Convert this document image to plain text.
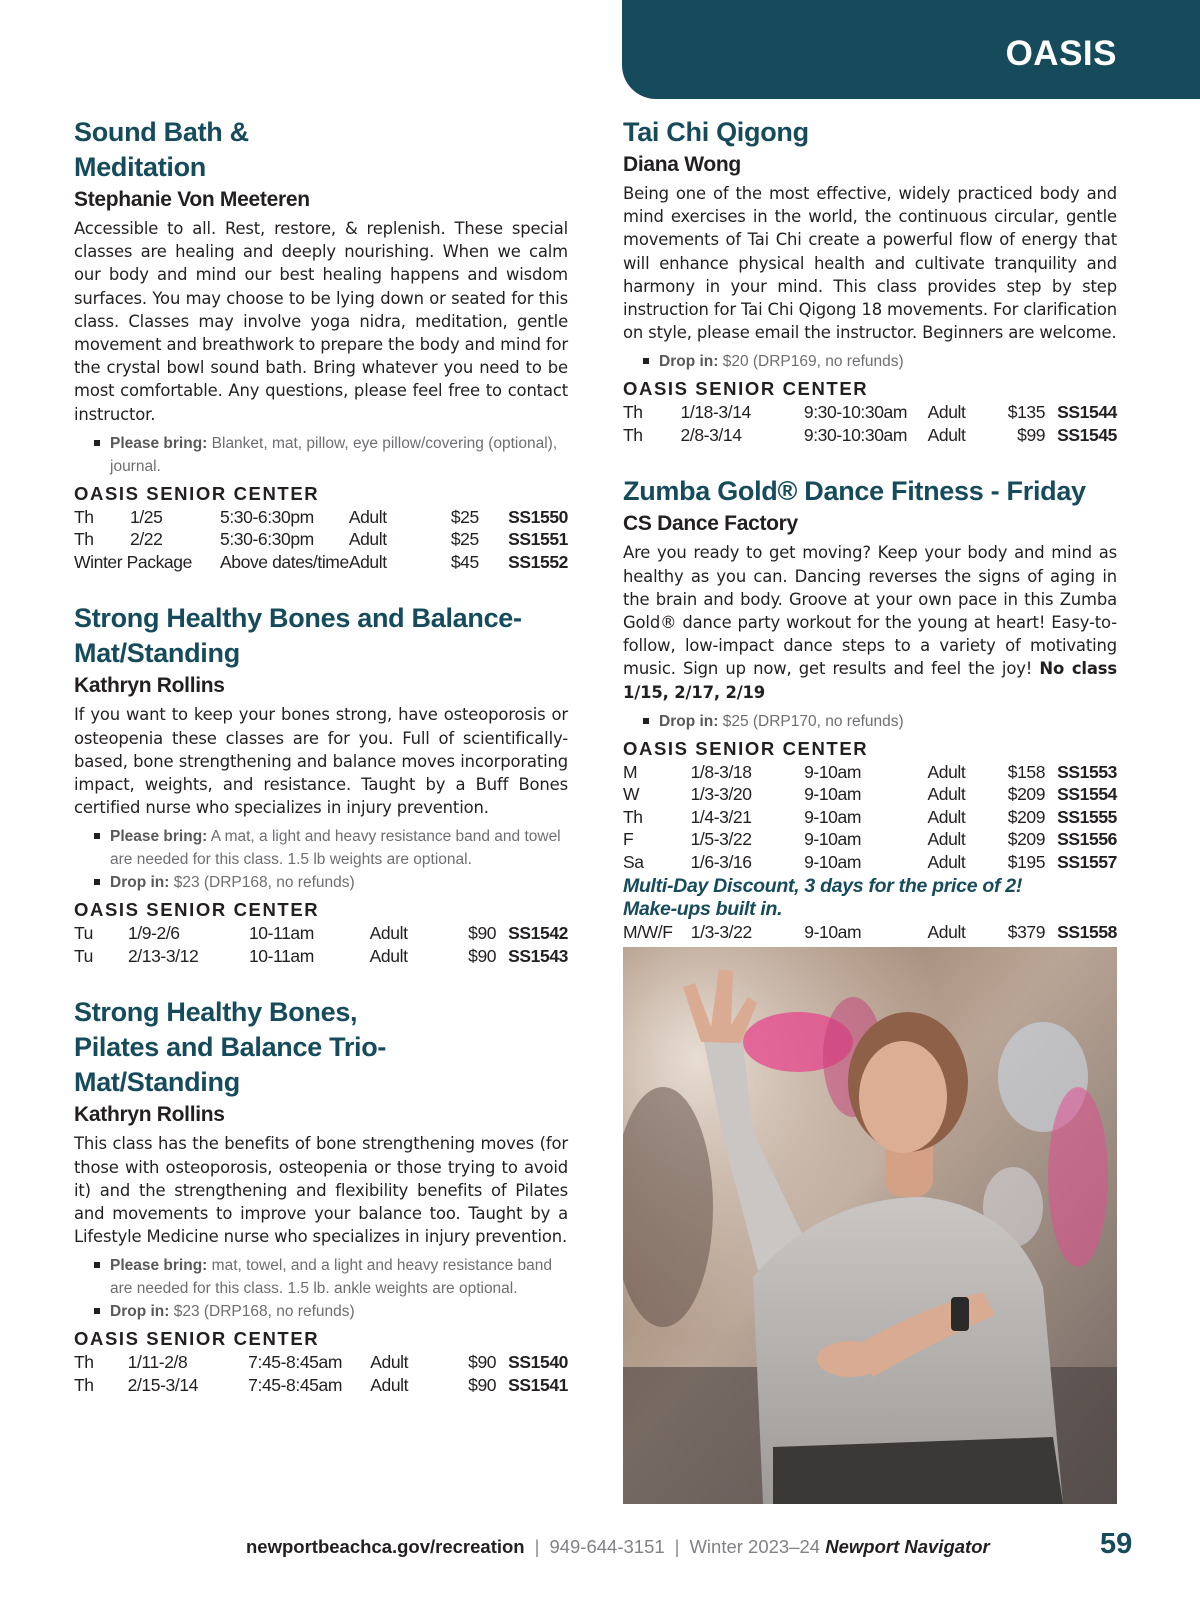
OASIS
Sound Bath & Meditation

Stephanie Von Meeteren

Accessible to all. Rest, restore, & replenish. These special classes are healing and deeply nourishing. When we calm our body and mind our best healing happens and wisdom surfaces. You may choose to be lying down or seated for this class. Classes may involve yoga nidra, meditation, gentle movement and breathwork to prepare the body and mind for the crystal bowl sound bath. Bring whatever you need to be most comfortable. Any questions, please feel free to contact instructor.

Please bring: Blanket, mat, pillow, eye pillow/covering (optional), journal.
OASIS SENIOR CENTER
Th	1/25	5:30-6:30pm	Adult	$25	SS1550
Th	2/22	5:30-6:30pm	Adult	$25	SS1551
Winter Package		Above dates/time	Adult	$45	SS1552
Strong Healthy Bones and Balance-Mat/Standing

Kathryn Rollins

If you want to keep your bones strong, have osteoporosis or osteopenia these classes are for you. Full of scientifically-based, bone strengthening and balance moves incorporating impact, weights, and resistance. Taught by a Buff Bones certified nurse who specializes in injury prevention.

Please bring: A mat, a light and heavy resistance band and towel are needed for this class. 1.5 lb weights are optional.
Drop in: $23 (DRP168, no refunds)
OASIS SENIOR CENTER
Tu	1/9-2/6	10-11am	Adult	$90	SS1542
Tu	2/13-3/12	10-11am	Adult	$90	SS1543
Strong Healthy Bones, Pilates and Balance Trio-Mat/Standing

Kathryn Rollins

This class has the benefits of bone strengthening moves (for those with osteoporosis, osteopenia or those trying to avoid it) and the strengthening and flexibility benefits of Pilates and movements to improve your balance too. Taught by a Lifestyle Medicine nurse who specializes in injury prevention.

Please bring: mat, towel, and a light and heavy resistance band are needed for this class. 1.5 lb. ankle weights are optional.
Drop in: $23 (DRP168, no refunds)
OASIS SENIOR CENTER
Th	1/11-2/8	7:45-8:45am	Adult	$90	SS1540
Th	2/15-3/14	7:45-8:45am	Adult	$90	SS1541
Tai Chi Qigong

Diana Wong

Being one of the most effective, widely practiced body and mind exercises in the world, the continuous circular, gentle movements of Tai Chi create a powerful flow of energy that will enhance physical health and cultivate tranquility and harmony in your mind. This class provides step by step instruction for Tai Chi Qigong 18 movements. For clarification on style, please email the instructor. Beginners are welcome.

Drop in: $20 (DRP169, no refunds)
OASIS SENIOR CENTER
Th	1/18-3/14	9:30-10:30am	Adult	$135	SS1544
Th	2/8-3/14	9:30-10:30am	Adult	$99	SS1545
Zumba Gold® Dance Fitness - Friday

CS Dance Factory

Are you ready to get moving? Keep your body and mind as healthy as you can. Dancing reverses the signs of aging in the brain and body. Groove at your own pace in this Zumba Gold® dance party workout for the young at heart! Easy-to-follow, low-impact dance steps to a variety of motivating music. Sign up now, get results and feel the joy! No class 1/15, 2/17, 2/19

Drop in: $25 (DRP170, no refunds)
OASIS SENIOR CENTER
M	1/8-3/18	9-10am	Adult	$158	SS1553
W	1/3-3/20	9-10am	Adult	$209	SS1554
Th	1/4-3/21	9-10am	Adult	$209	SS1555
F	1/5-3/22	9-10am	Adult	$209	SS1556
Sa	1/6-3/16	9-10am	Adult	$195	SS1557

Multi-Day Discount, 3 days for the price of 2! Make-ups built in.

M/W/F	1/3-3/22	9-10am	Adult	$379	SS1558
newportbeachca.gov/recreation | 949-644-3151 | Winter 2023–24 Newport Navigator	59
